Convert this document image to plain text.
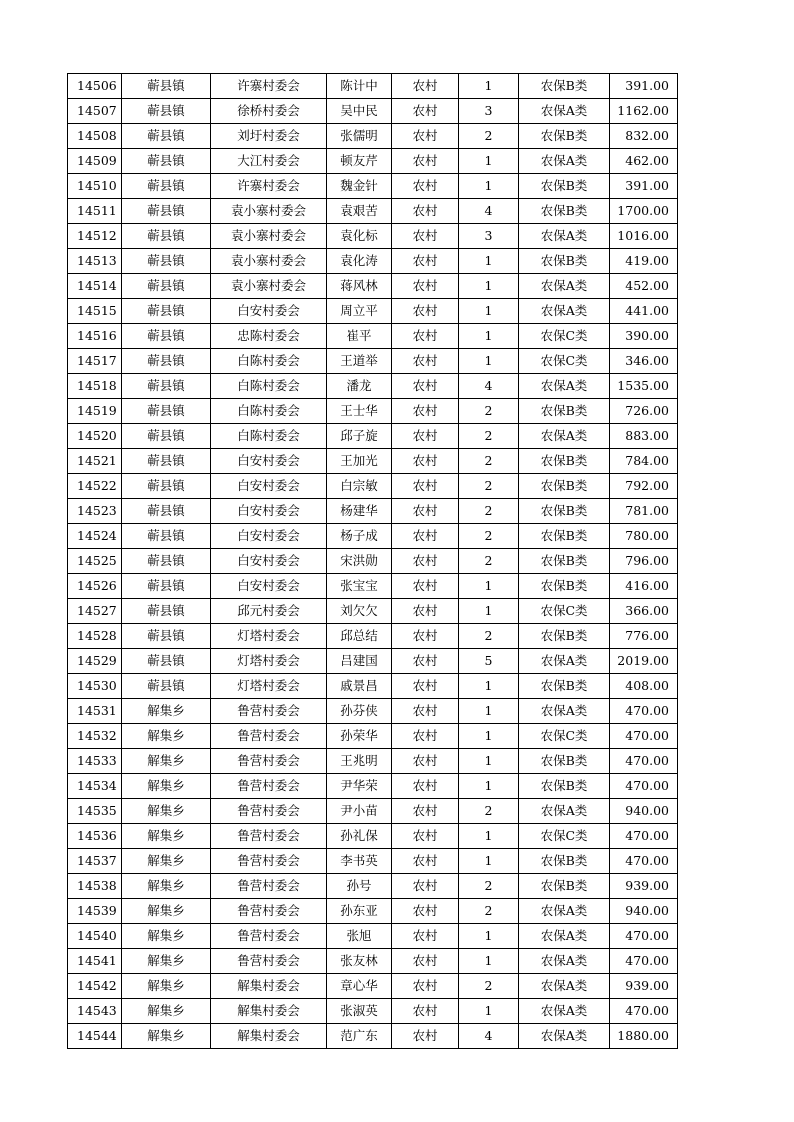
14506	蕲县镇	许寨村委会	陈计中	农村	1	农保B类	391.00
14507	蕲县镇	徐桥村委会	吴中民	农村	3	农保A类	1162.00
14508	蕲县镇	刘圩村委会	张儒明	农村	2	农保B类	832.00
14509	蕲县镇	大江村委会	顿友芹	农村	1	农保A类	462.00
14510	蕲县镇	许寨村委会	魏金针	农村	1	农保B类	391.00
14511	蕲县镇	袁小寨村委会	袁艰苦	农村	4	农保B类	1700.00
14512	蕲县镇	袁小寨村委会	袁化标	农村	3	农保A类	1016.00
14513	蕲县镇	袁小寨村委会	袁化涛	农村	1	农保B类	419.00
14514	蕲县镇	袁小寨村委会	蒋风林	农村	1	农保A类	452.00
14515	蕲县镇	白安村委会	周立平	农村	1	农保A类	441.00
14516	蕲县镇	忠陈村委会	崔平	农村	1	农保C类	390.00
14517	蕲县镇	白陈村委会	王道举	农村	1	农保C类	346.00
14518	蕲县镇	白陈村委会	潘龙	农村	4	农保A类	1535.00
14519	蕲县镇	白陈村委会	王士华	农村	2	农保B类	726.00
14520	蕲县镇	白陈村委会	邱子旋	农村	2	农保A类	883.00
14521	蕲县镇	白安村委会	王加光	农村	2	农保B类	784.00
14522	蕲县镇	白安村委会	白宗敏	农村	2	农保B类	792.00
14523	蕲县镇	白安村委会	杨建华	农村	2	农保B类	781.00
14524	蕲县镇	白安村委会	杨子成	农村	2	农保B类	780.00
14525	蕲县镇	白安村委会	宋洪勋	农村	2	农保B类	796.00
14526	蕲县镇	白安村委会	张宝宝	农村	1	农保B类	416.00
14527	蕲县镇	邱元村委会	刘欠欠	农村	1	农保C类	366.00
14528	蕲县镇	灯塔村委会	邱总结	农村	2	农保B类	776.00
14529	蕲县镇	灯塔村委会	吕建国	农村	5	农保A类	2019.00
14530	蕲县镇	灯塔村委会	戚景昌	农村	1	农保B类	408.00
14531	解集乡	鲁营村委会	孙芬侠	农村	1	农保A类	470.00
14532	解集乡	鲁营村委会	孙荣华	农村	1	农保C类	470.00
14533	解集乡	鲁营村委会	王兆明	农村	1	农保B类	470.00
14534	解集乡	鲁营村委会	尹华荣	农村	1	农保B类	470.00
14535	解集乡	鲁营村委会	尹小苗	农村	2	农保A类	940.00
14536	解集乡	鲁营村委会	孙礼保	农村	1	农保C类	470.00
14537	解集乡	鲁营村委会	李书英	农村	1	农保B类	470.00
14538	解集乡	鲁营村委会	孙号	农村	2	农保B类	939.00
14539	解集乡	鲁营村委会	孙东亚	农村	2	农保A类	940.00
14540	解集乡	鲁营村委会	张旭	农村	1	农保A类	470.00
14541	解集乡	鲁营村委会	张友林	农村	1	农保A类	470.00
14542	解集乡	解集村委会	章心华	农村	2	农保A类	939.00
14543	解集乡	解集村委会	张淑英	农村	1	农保A类	470.00
14544	解集乡	解集村委会	范广东	农村	4	农保A类	1880.00
